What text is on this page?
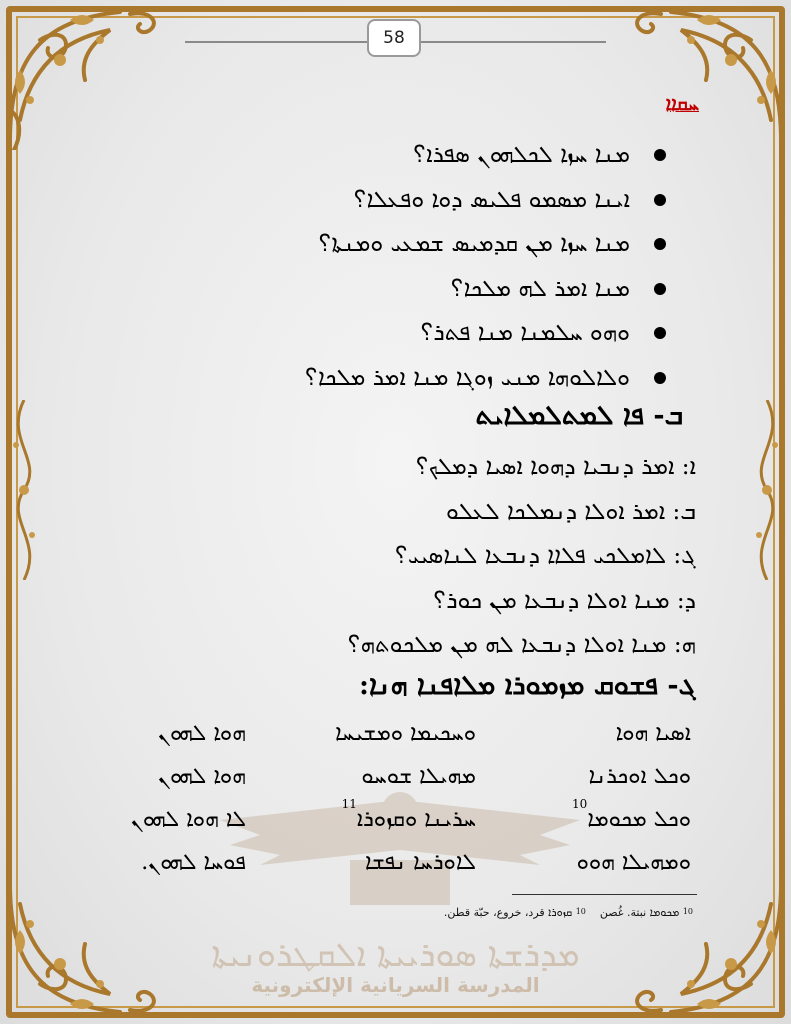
ܡܕܪܫܬܐ ܣܘܪܝܝܬܐ ܐܠܩܛܪܘܢܝܬܐ
المدرسة السريانية الإلكترونية
58
ܚܩܐܐ
ܡܢܐ ܚܙܐ ܠܟܠܗܘܢ ܣܦܪܐ؟
ܐܝܢܐ ܡܣܡܘ ܦܠܝܣ ܕܘܐ ܘܦܥܠܐ؟
ܡܢܐ ܚܙܐ ܡܢ ܩܕܡܝܣ ܫܡܥܝ ܘܡܢܬܐ؟
ܡܢܐ ܐܡܪ ܠܗ ܡܠܟܐ؟
ܘܗܘ ܚܠܡܢܐ ܡܢܐ ܦܬܪ؟
ܘܠܐܠܘܗܐ ܡܢܝ ܙܘܓܐ ܡܢܐ ܐܡܪ ܡܠܟܐ؟
ܒ- ܦܐ ܠܡܬܠܡܠܐܝܬ
ܐ: ܐܡܪ ܕܢܒܝܐ ܕܗܘܐ ܐܣܝܐ ܕܡܠܟ؟
ܒ: ܐܡܪ ܐܘܠܐ ܕܢܡܠܟܐ ܠܥܠܘ
ܓ: ܠܐܡܠܟܝ ܦܠܐܐ ܕܢܒܥܐ ܠܢܐܣܝܝ؟
ܕ: ܡܢܐ ܐܘܠܐ ܕܢܒܥܐ ܡܢ ܟܘܪ؟
ܗ: ܡܢܐ ܐܘܠܐ ܕܢܒܥܐ ܠܗ ܡܢ ܡܠܟܘܬܗ؟
ܓ- ܦܫܘܩ ܡܙܡܘܪܐ ܡܠܐܦܢܐ ܗܢܐ:
ܐܣܝܐ ܗܘܐ
ܘܚܟܝܡܐ ܘܡܫܝܚܐ
ܗܘܐ ܠܗܘܢ
ܘܟܠ ܐܘܟܪܢܐ
ܡܗܝܠܐ ܫܘܚܘ
ܗܘܐ ܠܗܘܢ
ܘܟܠ ܡܟܘܡܐ$^{10}$
ܚܪܝܢܐ ܘܩܙܘܪܐ$^{11}$
ܠܐ ܗܘܐ ܠܗܘܢ
ܘܡܗܝܠܐ ܗܘܘ
ܠܐܘܪܚܐ ܢܦܫܐ
ܦܘܚܐ ܠܗܘܢ.
$^{10}$ ܡܟܘܡܐ نبتة. غُصن    $^{10}$ ܩܙܘܪܐ قرد، خروع، حبّة قطن.
